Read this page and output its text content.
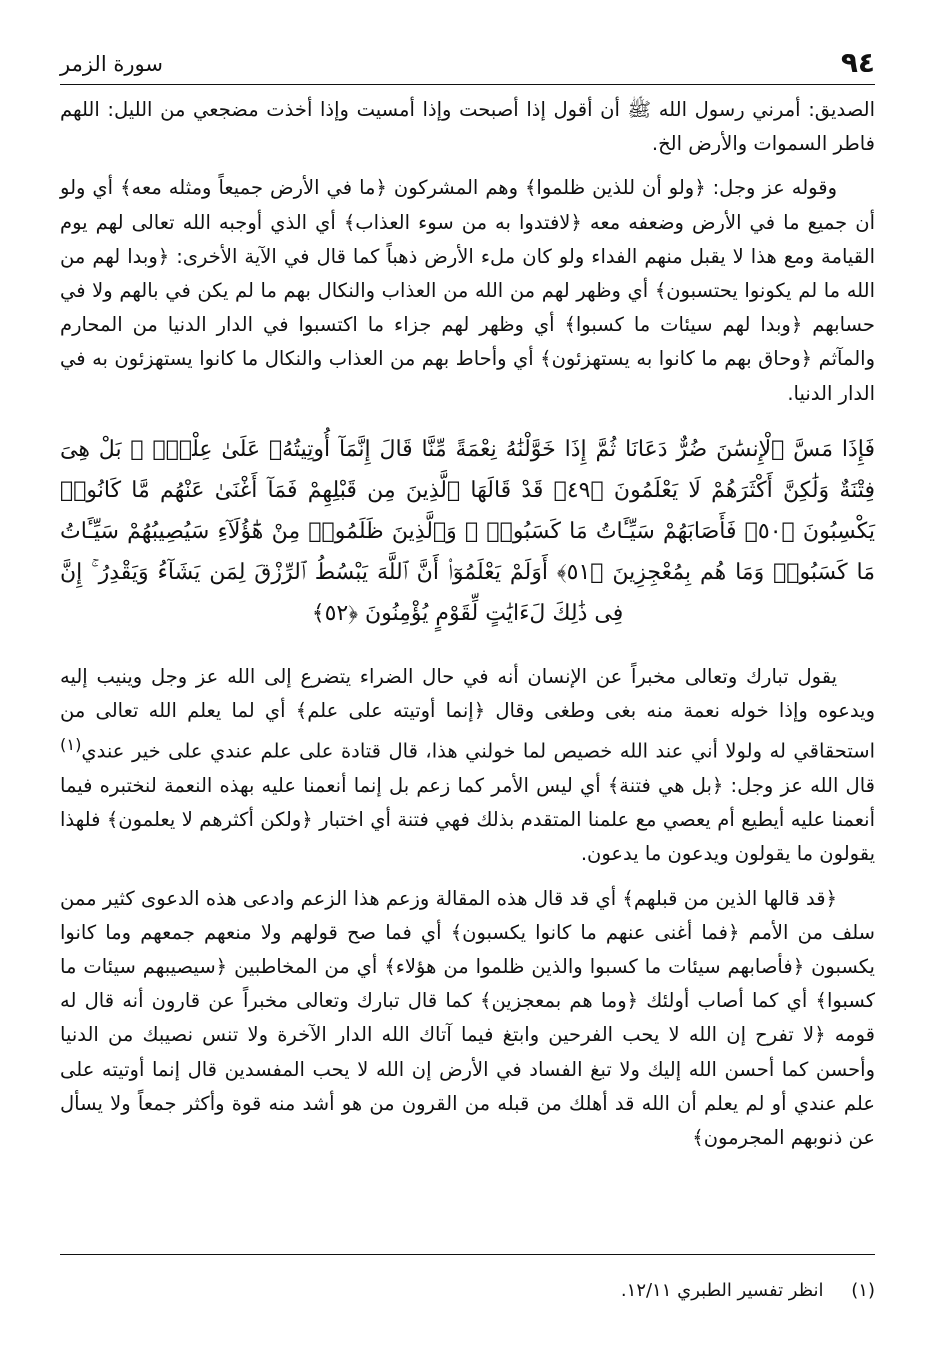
٩٤
سورة الزمر

الصديق: أمرني رسول الله ﷺ أن أقول إذا أصبحت وإذا أمسيت وإذا أخذت مضجعي من الليل: اللهم فاطر السموات والأرض الخ.

وقوله عز وجل: ﴿ولو أن للذين ظلموا﴾ وهم المشركون ﴿ما في الأرض جميعاً ومثله معه﴾ أي ولو أن جميع ما في الأرض وضعفه معه ﴿لافتدوا به من سوء العذاب﴾ أي الذي أوجبه الله تعالى لهم يوم القيامة ومع هذا لا يقبل منهم الفداء ولو كان ملء الأرض ذهباً كما قال في الآية الأخرى: ﴿وبدا لهم من الله ما لم يكونوا يحتسبون﴾ أي وظهر لهم من الله من العذاب والنكال بهم ما لم يكن في بالهم ولا في حسابهم ﴿وبدا لهم سيئات ما كسبوا﴾ أي وظهر لهم جزاء ما اكتسبوا في الدار الدنيا من المحارم والمآثم ﴿وحاق بهم ما كانوا به يستهزئون﴾ أي وأحاط بهم من العذاب والنكال ما كانوا يستهزئون به في الدار الدنيا.

فَإِذَا مَسَّ ٱلْإِنسَٰنَ ضُرٌّ دَعَانَا ثُمَّ إِذَا خَوَّلْنَٰهُ نِعْمَةً مِّنَّا قَالَ إِنَّمَآ أُوتِيتُهُۥ عَلَىٰ عِلْمٍۭ ۚ بَلْ هِىَ فِتْنَةٌ وَلَٰكِنَّ أَكْثَرَهُمْ لَا يَعْلَمُونَ ﴿٤٩﴾ قَدْ قَالَهَا ٱلَّذِينَ مِن قَبْلِهِمْ فَمَآ أَغْنَىٰ عَنْهُم مَّا كَانُوا۟ يَكْسِبُونَ ﴿٥٠﴾ فَأَصَابَهُمْ سَيِّـَٔاتُ مَا كَسَبُوا۟ ۚ وَٱلَّذِينَ ظَلَمُوا۟ مِنْ هَٰٓؤُلَآءِ سَيُصِيبُهُمْ سَيِّـَٔاتُ مَا كَسَبُوا۟ وَمَا هُم بِمُعْجِزِينَ ﴿٥١﴾ أَوَلَمْ يَعْلَمُوٓا۟ أَنَّ ٱللَّهَ يَبْسُطُ ٱلرِّزْقَ لِمَن يَشَآءُ وَيَقْدِرُ ۚ إِنَّ فِى ذَٰلِكَ لَءَايَٰتٍ لِّقَوْمٍ يُؤْمِنُونَ ﴿٥٢﴾

يقول تبارك وتعالى مخبراً عن الإنسان أنه في حال الضراء يتضرع إلى الله عز وجل وينيب إليه ويدعوه وإذا خوله نعمة منه بغى وطغى وقال ﴿إنما أوتيته على علم﴾ أي لما يعلم الله تعالى من استحقاقي له ولولا أني عند الله خصيص لما خولني هذا، قال قتادة على علم عندي على خير عندي$^{(١)}$ قال الله عز وجل: ﴿بل هي فتنة﴾ أي ليس الأمر كما زعم بل إنما أنعمنا عليه بهذه النعمة لنختبره فيما أنعمنا عليه أيطيع أم يعصي مع علمنا المتقدم بذلك فهي فتنة أي اختبار ﴿ولكن أكثرهم لا يعلمون﴾ فلهذا يقولون ما يقولون ويدعون ما يدعون.

﴿قد قالها الذين من قبلهم﴾ أي قد قال هذه المقالة وزعم هذا الزعم وادعى هذه الدعوى كثير ممن سلف من الأمم ﴿فما أغنى عنهم ما كانوا يكسبون﴾ أي فما صح قولهم ولا منعهم جمعهم وما كانوا يكسبون ﴿فأصابهم سيئات ما كسبوا والذين ظلموا من هؤلاء﴾ أي من المخاطبين ﴿سيصيبهم سيئات ما كسبوا﴾ أي كما أصاب أولئك ﴿وما هم بمعجزين﴾ كما قال تبارك وتعالى مخبراً عن قارون أنه قال له قومه ﴿لا تفرح إن الله لا يحب الفرحين وابتغ فيما آتاك الله الدار الآخرة ولا تنس نصيبك من الدنيا وأحسن كما أحسن الله إليك ولا تبغ الفساد في الأرض إن الله لا يحب المفسدين قال إنما أوتيته على علم عندي أو لم يعلم أن الله قد أهلك من قبله من القرون من هو أشد منه قوة وأكثر جمعاً ولا يسأل عن ذنوبهم المجرمون﴾

(١) انظر تفسير الطبري ١٢/١١.
